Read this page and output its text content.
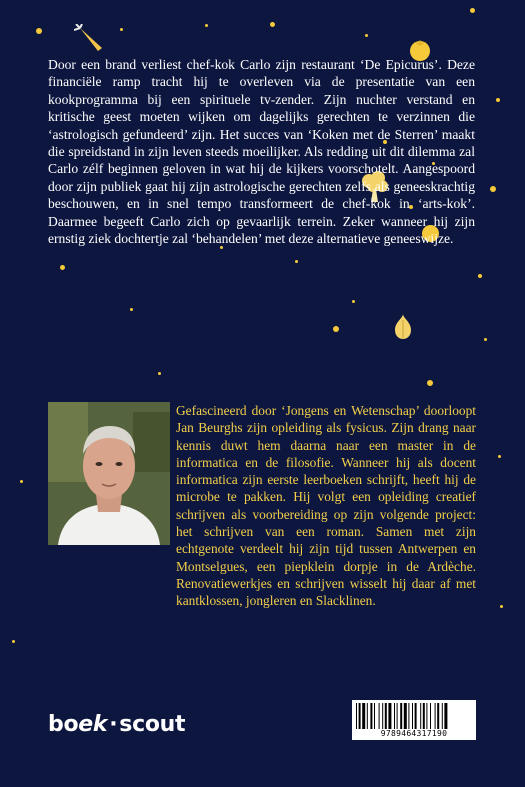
Door een brand verliest chef-kok Carlo zijn restaurant ‘De Epicurus’. Deze financiële ramp tracht hij te overleven via de presentatie van een kookprogramma bij een spirituele tv-zender. Zijn nuchter verstand en kritische geest moeten wijken om dagelijks gerechten te verzinnen die ‘astrologisch gefundeerd’ zijn. Het succes van ‘Koken met de Sterren’ maakt die spreidstand in zijn leven steeds moeilijker. Als redding uit dit dilemma zal Carlo zélf beginnen geloven in wat hij de kijkers voorschotelt. Aangespoord door zijn publiek gaat hij zijn astrologische gerechten zelfs als geneeskrachtig beschouwen, en in snel tempo transformeert de chef-kok in ‘arts-kok’. Daarmee begeeft Carlo zich op gevaarlijk terrein. Zeker wanneer hij zijn ernstig ziek dochtertje zal ‘behandelen’ met deze alternatieve geneeswijze.

Gefascineerd door ‘Jongens en Wetenschap’ doorloopt Jan Beurghs zijn opleiding als fysicus. Zijn drang naar kennis duwt hem daarna naar een master in de informatica en de filosofie. Wanneer hij als docent informatica zijn eerste leerboeken schrijft, heeft hij de microbe te pakken. Hij volgt een opleiding creatief schrijven als voorbereiding op zijn volgende project: het schrijven van een roman. Samen met zijn echtgenote verdeelt hij zijn tijd tussen Antwerpen en Montselgues, een piepklein dorpje in de Ardèche. Renovatiewerkjes en schrijven wisselt hij daar af met kantklossen, jongleren en Slacklinen.

boek·scout	9789464317190
